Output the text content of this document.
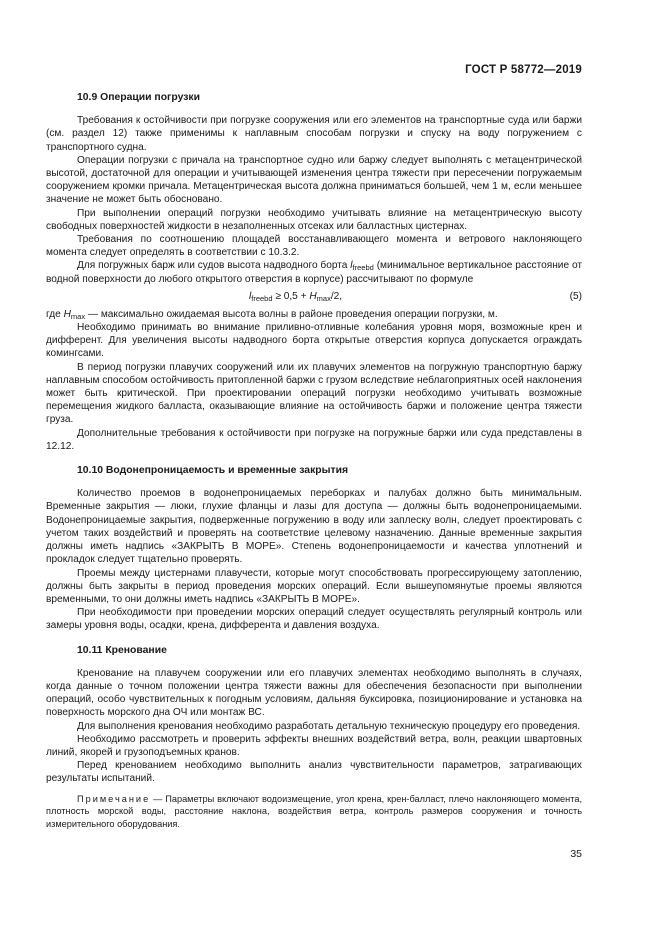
ГОСТ Р 58772—2019
10.9 Операции погрузки

Требования к остойчивости при погрузке сооружения или его элементов на транспортные суда или баржи (см. раздел 12) также применимы к наплавным способам погрузки и спуску на воду погружением с транспортного судна.

Операции погрузки с причала на транспортное судно или баржу следует выполнять с метацентрической высотой, достаточной для операции и учитывающей изменения центра тяжести при пересечении погружаемым сооружением кромки причала. Метацентрическая высота должна приниматься большей, чем 1 м, если меньшее значение не может быть обосновано.

При выполнении операций погрузки необходимо учитывать влияние на метацентрическую высоту свободных поверхностей жидкости в незаполненных отсеках или балластных цистернах.

Требования по соотношению площадей восстанавливающего момента и ветрового наклоняющего момента следует определять в соответствии с 10.3.2.

Для погружных барж или судов высота надводного борта $l_{freebd}$ (минимальное вертикальное расстояние от водной поверхности до любого открытого отверстия в корпусе) рассчитывают по формуле

$l_{freebd} \ge 0,5 + H_{max}/2$,	(5)

где $H_{max}$ — максимально ожидаемая высота волны в районе проведения операции погрузки, м.

Необходимо принимать во внимание приливно-отливные колебания уровня моря, возможные крен и дифферент. Для увеличения высоты надводного борта открытые отверстия корпуса допускается ограждать комингсами.

В период погрузки плавучих сооружений или их плавучих элементов на погружную транспортную баржу наплавным способом остойчивость притопленной баржи с грузом вследствие неблагоприятных осей наклонения может быть критической. При проектировании операций погрузки необходимо учитывать возможные перемещения жидкого балласта, оказывающие влияние на остойчивость баржи и положение центра тяжести груза.

Дополнительные требования к остойчивости при погрузке на погружные баржи или суда представлены в 12.12.

10.10 Водонепроницаемость и временные закрытия

Количество проемов в водонепроницаемых переборках и палубах должно быть минимальным. Временные закрытия — люки, глухие фланцы и лазы для доступа — должны быть водонепроницаемыми. Водонепроницаемые закрытия, подверженные погружению в воду или заплеску волн, следует проектировать с учетом таких воздействий и проверять на соответствие целевому назначению. Данные временные закрытия должны иметь надпись «ЗАКРЫТЬ В МОРЕ». Степень водонепроницаемости и качества уплотнений и прокладок следует тщательно проверять.

Проемы между цистернами плавучести, которые могут способствовать прогрессирующему затоплению, должны быть закрыты в период проведения морских операций. Если вышеупомянутые проемы являются временными, то они должны иметь надпись «ЗАКРЫТЬ В МОРЕ».

При необходимости при проведении морских операций следует осуществлять регулярный контроль или замеры уровня воды, осадки, крена, дифферента и давления воздуха.

10.11 Кренование

Кренование на плавучем сооружении или его плавучих элементах необходимо выполнять в случаях, когда данные о точном положении центра тяжести важны для обеспечения безопасности при выполнении операций, особо чувствительных к погодным условиям, дальняя буксировка, позиционирование и установка на поверхность морского дна ОЧ или монтаж ВС.

Для выполнения кренования необходимо разработать детальную техническую процедуру его проведения.

Необходимо рассмотреть и проверить эффекты внешних воздействий ветра, волн, реакции швартовных линий, якорей и грузоподъемных кранов.

Перед кренованием необходимо выполнить анализ чувствительности параметров, затрагивающих результаты испытаний.

Примечание — Параметры включают водоизмещение, угол крена, крен-балласт, плечо наклоняющего момента, плотность морской воды, расстояние наклона, воздействия ветра, контроль размеров сооружения и точность измерительного оборудования.

35
